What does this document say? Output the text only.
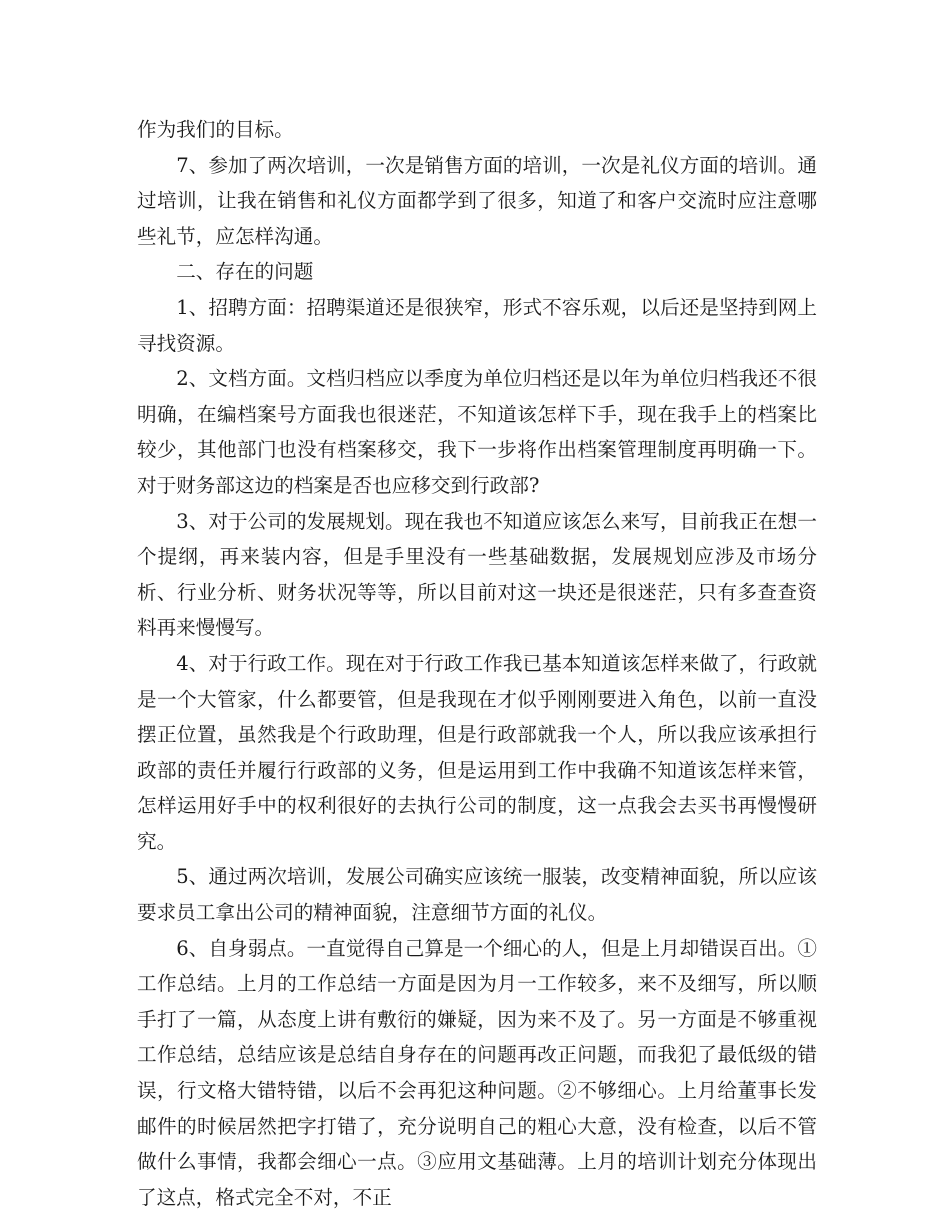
作为我们的目标。

7、参加了两次培训，一次是销售方面的培训，一次是礼仪方面的培训。通过培训，让我在销售和礼仪方面都学到了很多，知道了和客户交流时应注意哪些礼节，应怎样沟通。

二、存在的问题

1、招聘方面：招聘渠道还是很狭窄，形式不容乐观，以后还是坚持到网上寻找资源。

2、文档方面。文档归档应以季度为单位归档还是以年为单位归档我还不很明确，在编档案号方面我也很迷茫，不知道该怎样下手，现在我手上的档案比较少，其他部门也没有档案移交，我下一步将作出档案管理制度再明确一下。对于财务部这边的档案是否也应移交到行政部?

3、对于公司的发展规划。现在我也不知道应该怎么来写，目前我正在想一个提纲，再来装内容，但是手里没有一些基础数据，发展规划应涉及市场分析、行业分析、财务状况等等，所以目前对这一块还是很迷茫，只有多查查资料再来慢慢写。

4、对于行政工作。现在对于行政工作我已基本知道该怎样来做了，行政就是一个大管家，什么都要管，但是我现在才似乎刚刚要进入角色，以前一直没摆正位置，虽然我是个行政助理，但是行政部就我一个人，所以我应该承担行政部的责任并履行行政部的义务，但是运用到工作中我确不知道该怎样来管，怎样运用好手中的权利很好的去执行公司的制度，这一点我会去买书再慢慢研究。

5、通过两次培训，发展公司确实应该统一服装，改变精神面貌，所以应该要求员工拿出公司的精神面貌，注意细节方面的礼仪。

6、自身弱点。一直觉得自己算是一个细心的人，但是上月却错误百出。①工作总结。上月的工作总结一方面是因为月一工作较多，来不及细写，所以顺手打了一篇，从态度上讲有敷衍的嫌疑，因为来不及了。另一方面是不够重视工作总结，总结应该是总结自身存在的问题再改正问题，而我犯了最低级的错误，行文格大错特错，以后不会再犯这种问题。②不够细心。上月给董事长发邮件的时候居然把字打错了，充分说明自己的粗心大意，没有检查，以后不管做什么事情，我都会细心一点。③应用文基础薄。上月的培训计划充分体现出了这点，格式完全不对，不正
